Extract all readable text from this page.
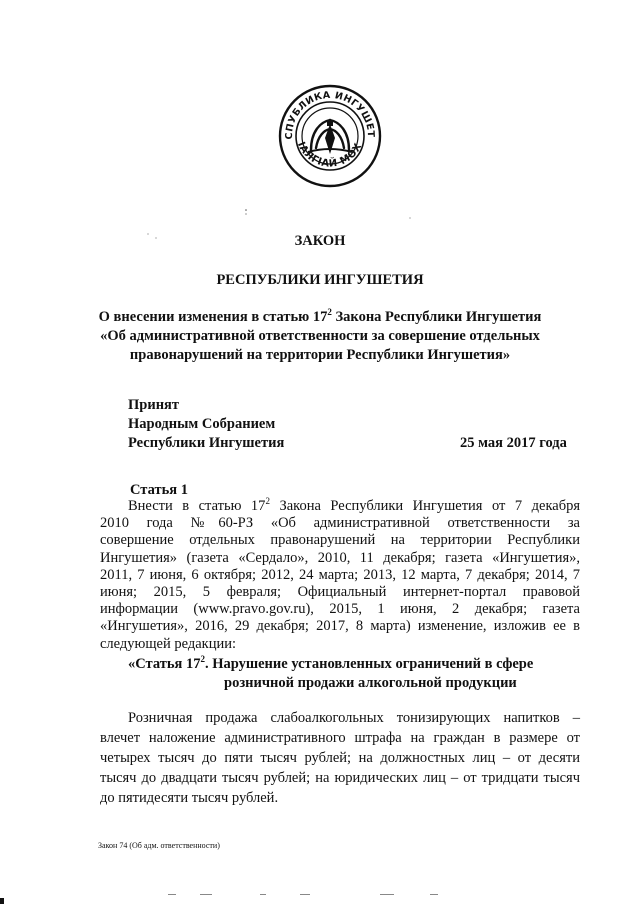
СПУБЛИКА ИНГУШЕТ
ІАЛГІАЙ МОХ
ЗАКОН
РЕСПУБЛИКИ ИНГУШЕТИЯ
О внесении изменения в статью $17^2$ Закона Республики Ингушетия
«Об административной ответственности за совершение отдельных
правонарушений на территории Республики Ингушетия»
Принят
Народным Собранием
Республики Ингушетия	25 мая 2017 года
Статья 1
Внести в статью $17^2$ Закона Республики Ингушетия от 7 декабря
2010 года №60-РЗ «Об административной ответственности за
совершение отдельных правонарушений на территории Республики
Ингушетия» (газета «Сердало», 2010, 11 декабря; газета «Ингушетия»,
2011, 7 июня, 6 октября; 2012, 24 марта; 2013, 12 марта, 7 декабря; 2014, 7
июня; 2015, 5 февраля; Официальный интернет-портал правовой
информации (www.pravo.gov.ru), 2015, 1 июня, 2 декабря; газета
«Ингушетия», 2016, 29 декабря; 2017, 8 марта) изменение, изложив ее в
следующей редакции:
«Статья $17^2$. Нарушение установленных ограничений в сфере
розничной продажи алкогольной продукции
Розничная продажа слабоалкогольных тонизирующих напитков –
влечет наложение административного штрафа на граждан в размере от
четырех тысяч до пяти тысяч рублей; на должностных лиц – от десяти
тысяч до двадцати тысяч рублей; на юридических лиц – от тридцати тысяч
до пятидесяти тысяч рублей.
Закон 74 (Об адм. ответственности)
